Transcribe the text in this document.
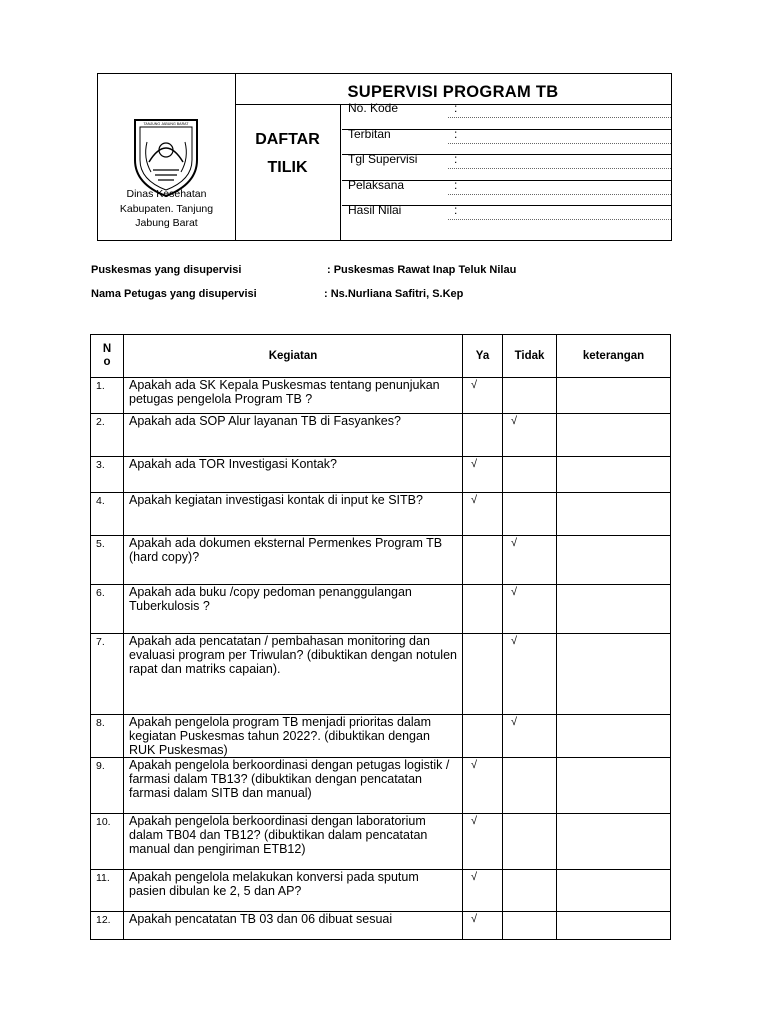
TANJUNG JABUNG BARAT
Dinas Kesehatan
Kabupaten. Tanjung
Jabung Barat
SUPERVISI PROGRAM TB
DAFTAR
TILIK
No. Kode	:
Terbitan	:
Tgl Supervisi	:
Pelaksana	:
Hasil Nilai	:
Puskesmas yang disupervisi	: Puskesmas Rawat Inap Teluk Nilau
Nama Petugas yang disupervisi	: Ns.Nurliana Safitri, S.Kep
No	Kegiatan	Ya	Tidak	keterangan
1.	Apakah ada SK Kepala Puskesmas tentang penunjukan petugas pengelola Program TB ?	√		
2.	Apakah ada SOP Alur layanan TB di Fasyankes?		√	
3.	Apakah ada TOR Investigasi Kontak?	√		
4.	Apakah kegiatan investigasi kontak di input ke SITB?	√		
5.	Apakah ada dokumen eksternal Permenkes Program TB (hard copy)?		√	
6.	Apakah ada buku /copy pedoman penanggulangan Tuberkulosis ?		√	
7.	Apakah ada pencatatan / pembahasan monitoring dan evaluasi program per Triwulan? (dibuktikan dengan notulen rapat dan matriks capaian).		√	
8.	Apakah pengelola program TB menjadi prioritas dalam kegiatan Puskesmas tahun 2022?. (dibuktikan dengan RUK Puskesmas)		√	
9.	Apakah pengelola berkoordinasi dengan petugas logistik / farmasi dalam TB13? (dibuktikan dengan pencatatan farmasi dalam SITB dan manual)	√		
10.	Apakah pengelola berkoordinasi dengan laboratorium dalam TB04 dan TB12? (dibuktikan dalam pencatatan manual dan pengiriman ETB12)	√		
11.	Apakah pengelola melakukan konversi pada sputum pasien dibulan ke 2, 5 dan AP?	√		
12.	Apakah pencatatan TB 03 dan 06 dibuat sesuai	√		
